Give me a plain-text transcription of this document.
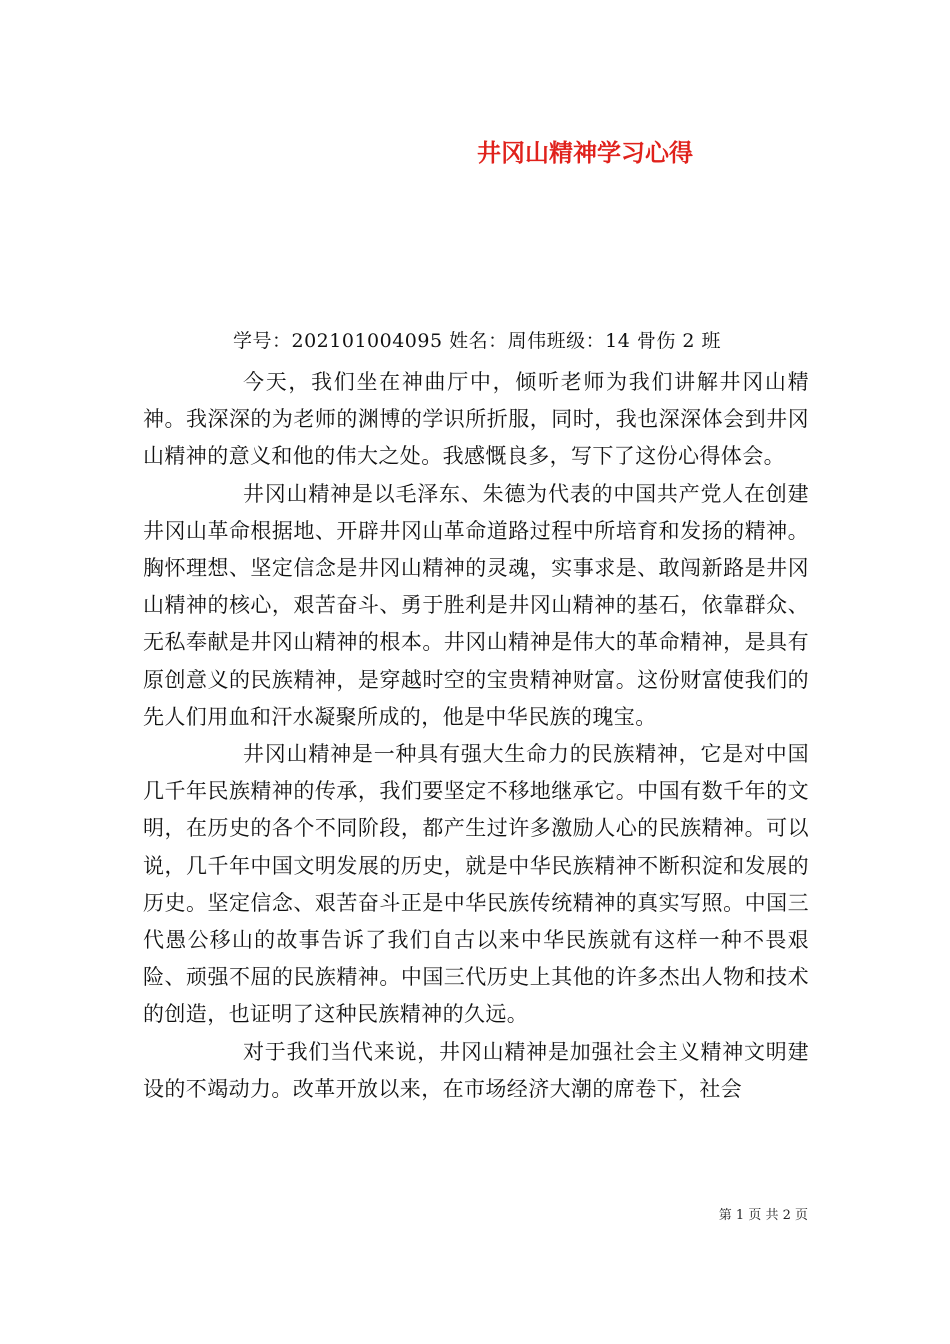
井冈山精神学习心得
学号：202101004095 姓名：周伟班级：14 骨伤 2 班

今天，我们坐在神曲厅中，倾听老师为我们讲解井冈山精神。我深深的为老师的渊博的学识所折服，同时，我也深深体会到井冈山精神的意义和他的伟大之处。我感慨良多，写下了这份心得体会。

井冈山精神是以毛泽东、朱德为代表的中国共产党人在创建井冈山革命根据地、开辟井冈山革命道路过程中所培育和发扬的精神。胸怀理想、坚定信念是井冈山精神的灵魂，实事求是、敢闯新路是井冈山精神的核心，艰苦奋斗、勇于胜利是井冈山精神的基石，依靠群众、无私奉献是井冈山精神的根本。井冈山精神是伟大的革命精神，是具有原创意义的民族精神，是穿越时空的宝贵精神财富。这份财富使我们的先人们用血和汗水凝聚所成的，他是中华民族的瑰宝。

井冈山精神是一种具有强大生命力的民族精神，它是对中国几千年民族精神的传承，我们要坚定不移地继承它。中国有数千年的文明，在历史的各个不同阶段，都产生过许多激励人心的民族精神。可以说，几千年中国文明发展的历史，就是中华民族精神不断积淀和发展的历史。坚定信念、艰苦奋斗正是中华民族传统精神的真实写照。中国三代愚公移山的故事告诉了我们自古以来中华民族就有这样一种不畏艰险、顽强不屈的民族精神。中国三代历史上其他的许多杰出人物和技术的创造，也证明了这种民族精神的久远。

对于我们当代来说，井冈山精神是加强社会主义精神文明建设的不竭动力。改革开放以来，在市场经济大潮的席卷下，社会

第 1 页 共 2 页
